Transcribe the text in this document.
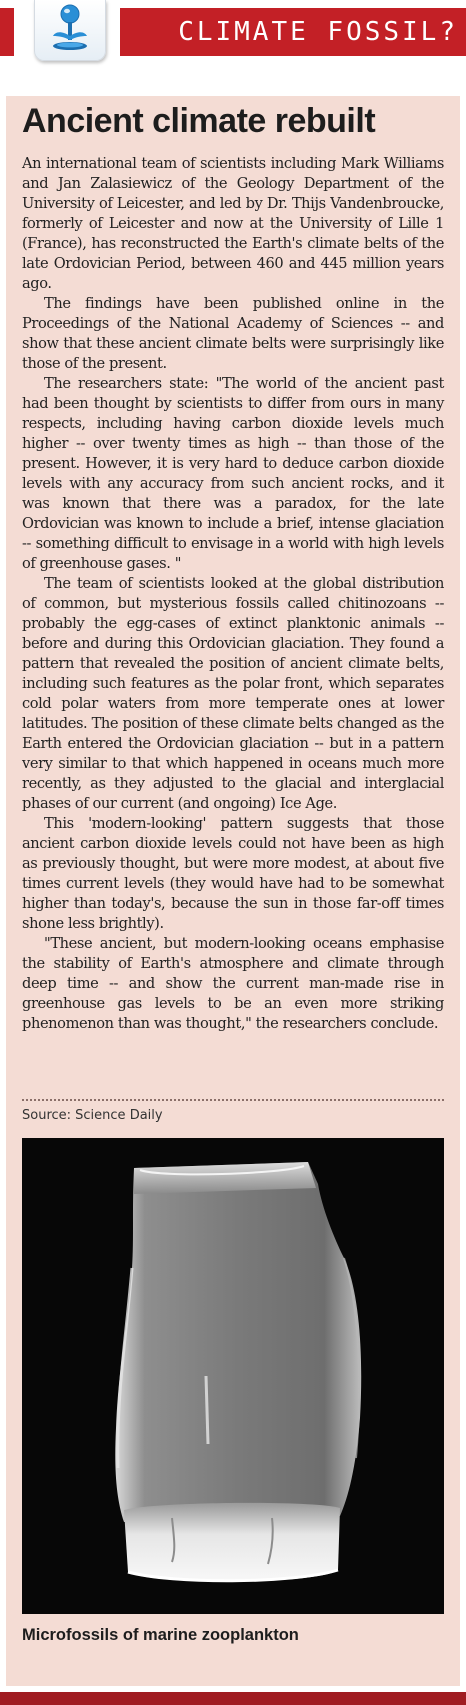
CLIMATE FOSSIL?
Ancient climate rebuilt

An international team of scientists including Mark Williams and Jan Zalasiewicz of the Geology Department of the University of Leicester, and led by Dr. Thijs Vandenbroucke, formerly of Leicester and now at the University of Lille 1 (France), has reconstructed the Earth's climate belts of the late Ordovician Period, between 460 and 445 million years ago.

The findings have been published online in the Proceedings of the National Academy of Sciences -- and show that these ancient climate belts were surprisingly like those of the present.

The researchers state: "The world of the ancient past had been thought by scientists to differ from ours in many respects, including having carbon dioxide levels much higher -- over twenty times as high -- than those of the present. However, it is very hard to deduce carbon dioxide levels with any accuracy from such ancient rocks, and it was known that there was a paradox, for the late Ordovician was known to include a brief, intense glaciation -- something difficult to envisage in a world with high levels of greenhouse gases. "

The team of scientists looked at the global distribution of common, but mysterious fossils called chitinozoans -- probably the egg-cases of extinct planktonic animals -- before and during this Ordovician glaciation. They found a pattern that revealed the position of ancient climate belts, including such features as the polar front, which separates cold polar waters from more temperate ones at lower latitudes. The position of these climate belts changed as the Earth entered the Ordovician glaciation -- but in a pattern very similar to that which happened in oceans much more recently, as they adjusted to the glacial and interglacial phases of our current (and ongoing) Ice Age.

This 'modern-looking' pattern suggests that those ancient carbon dioxide levels could not have been as high as previously thought, but were more modest, at about five times current levels (they would have had to be somewhat higher than today's, because the sun in those far-off times shone less brightly).

"These ancient, but modern-looking oceans emphasise the stability of Earth's atmosphere and climate through deep time -- and show the current man-made rise in greenhouse gas levels to be an even more striking phenomenon than was thought," the researchers conclude.

Source: Science Daily
Microfossils of marine zooplankton
